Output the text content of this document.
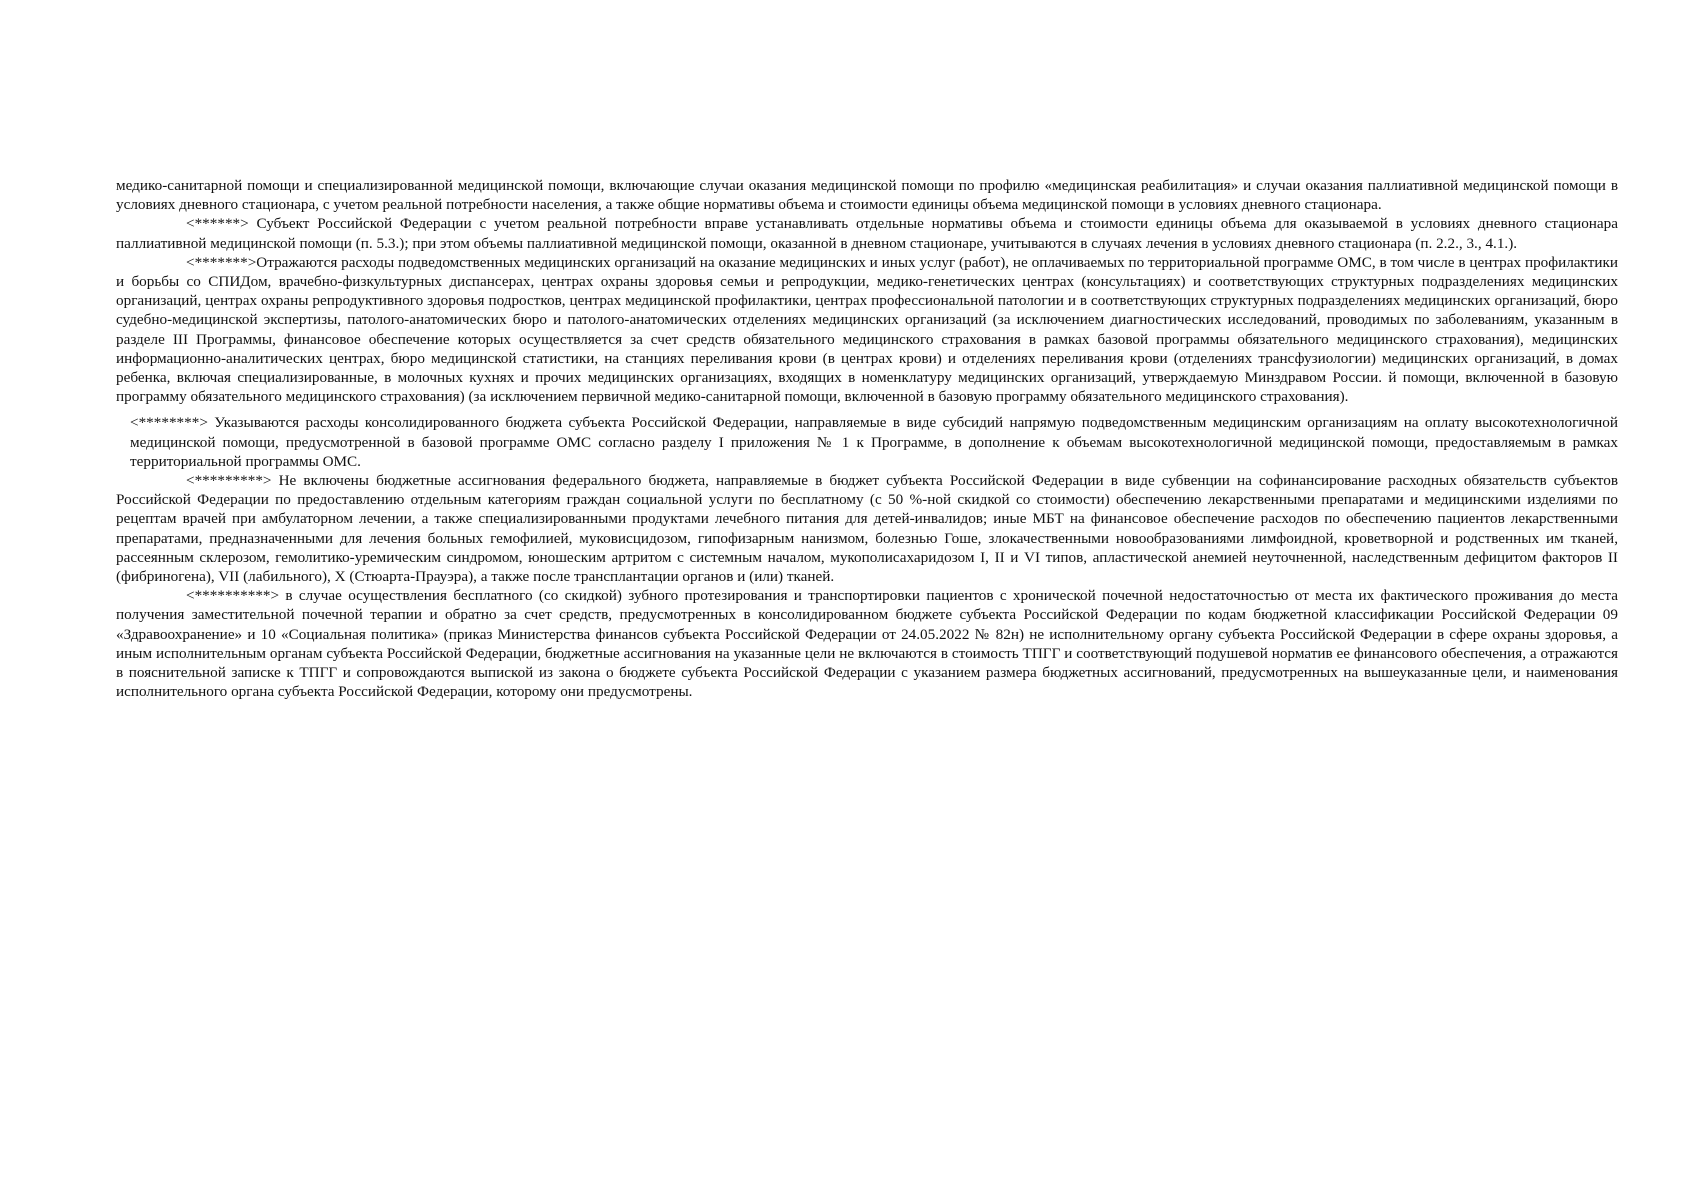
медико-санитарной помощи и специализированной медицинской помощи, включающие случаи оказания медицинской помощи по профилю «медицинская реабилитация» и случаи оказания паллиативной медицинской помощи в условиях дневного стационара, с учетом реальной потребности населения, а также общие нормативы объема и стоимости единицы объема медицинской помощи в условиях дневного стационара.

<******> Субъект Российской Федерации с учетом реальной потребности вправе устанавливать отдельные нормативы объема и стоимости единицы объема для оказываемой в условиях дневного стационара паллиативной медицинской помощи (п. 5.3.); при этом объемы паллиативной медицинской помощи, оказанной в дневном стационаре, учитываются в случаях лечения в условиях дневного стационара (п. 2.2., 3., 4.1.).

<*******>Отражаются расходы подведомственных медицинских организаций на оказание медицинских и иных услуг (работ), не оплачиваемых по территориальной программе ОМС, в том числе в центрах профилактики и борьбы со СПИДом, врачебно-физкультурных диспансерах, центрах охраны здоровья семьи и репродукции, медико-генетических центрах (консультациях) и соответствующих структурных подразделениях медицинских организаций, центрах охраны репродуктивного здоровья подростков, центрах медицинской профилактики, центрах профессиональной патологии и в соответствующих структурных подразделениях медицинских организаций, бюро судебно-медицинской экспертизы, патолого-анатомических бюро и патолого-анатомических отделениях медицинских организаций (за исключением диагностических исследований, проводимых по заболеваниям, указанным в разделе III Программы, финансовое обеспечение которых осуществляется за счет средств обязательного медицинского страхования в рамках базовой программы обязательного медицинского страхования), медицинских информационно-аналитических центрах, бюро медицинской статистики, на станциях переливания крови (в центрах крови) и отделениях переливания крови (отделениях трансфузиологии) медицинских организаций, в домах ребенка, включая специализированные, в молочных кухнях и прочих медицинских организациях, входящих в номенклатуру медицинских организаций, утверждаемую Минздравом России. й помощи, включенной в базовую программу обязательного медицинского страхования) (за исключением первичной медико-санитарной помощи, включенной в базовую программу обязательного медицинского страхования).

<********> Указываются расходы консолидированного бюджета субъекта Российской Федерации, направляемые в виде субсидий напрямую подведомственным медицинским организациям на оплату высокотехнологичной медицинской помощи, предусмотренной в базовой программе ОМС согласно разделу I приложения № 1 к Программе, в дополнение к объемам высокотехнологичной медицинской помощи, предоставляемым в рамках территориальной программы ОМС.

<*********> Не включены бюджетные ассигнования федерального бюджета, направляемые в бюджет субъекта Российской Федерации в виде субвенции на софинансирование расходных обязательств субъектов Российской Федерации по предоставлению отдельным категориям граждан социальной услуги по бесплатному (с 50 %-ной скидкой со стоимости) обеспечению лекарственными препаратами и медицинскими изделиями по рецептам врачей при амбулаторном лечении, а также специализированными продуктами лечебного питания для детей-инвалидов; иные МБТ на финансовое обеспечение расходов по обеспечению пациентов лекарственными препаратами, предназначенными для лечения больных гемофилией, муковисцидозом, гипофизарным нанизмом, болезнью Гоше, злокачественными новообразованиями лимфоидной, кроветворной и родственных им тканей, рассеянным склерозом, гемолитико-уремическим синдромом, юношеским артритом с системным началом, мукополисахаридозом I, II и VI типов, апластической анемией неуточненной, наследственным дефицитом факторов II (фибриногена), VII (лабильного), X (Стюарта-Прауэра), а также после трансплантации органов и (или) тканей.

<**********> в случае осуществления бесплатного (со скидкой) зубного протезирования и транспортировки пациентов с хронической почечной недостаточностью от места их фактического проживания до места получения заместительной почечной терапии и обратно за счет средств, предусмотренных в консолидированном бюджете субъекта Российской Федерации по кодам бюджетной классификации Российской Федерации 09 «Здравоохранение» и 10 «Социальная политика» (приказ Министерства финансов субъекта Российской Федерации от 24.05.2022 № 82н) не исполнительному органу субъекта Российской Федерации в сфере охраны здоровья, а иным исполнительным органам субъекта Российской Федерации, бюджетные ассигнования на указанные цели не включаются в стоимость ТПГГ и соответствующий подушевой норматив ее финансового обеспечения, а отражаются в пояснительной записке к ТПГГ и сопровождаются выпиской из закона о бюджете субъекта Российской Федерации с указанием размера бюджетных ассигнований, предусмотренных на вышеуказанные цели, и наименования исполнительного органа субъекта Российской Федерации, которому они предусмотрены.
